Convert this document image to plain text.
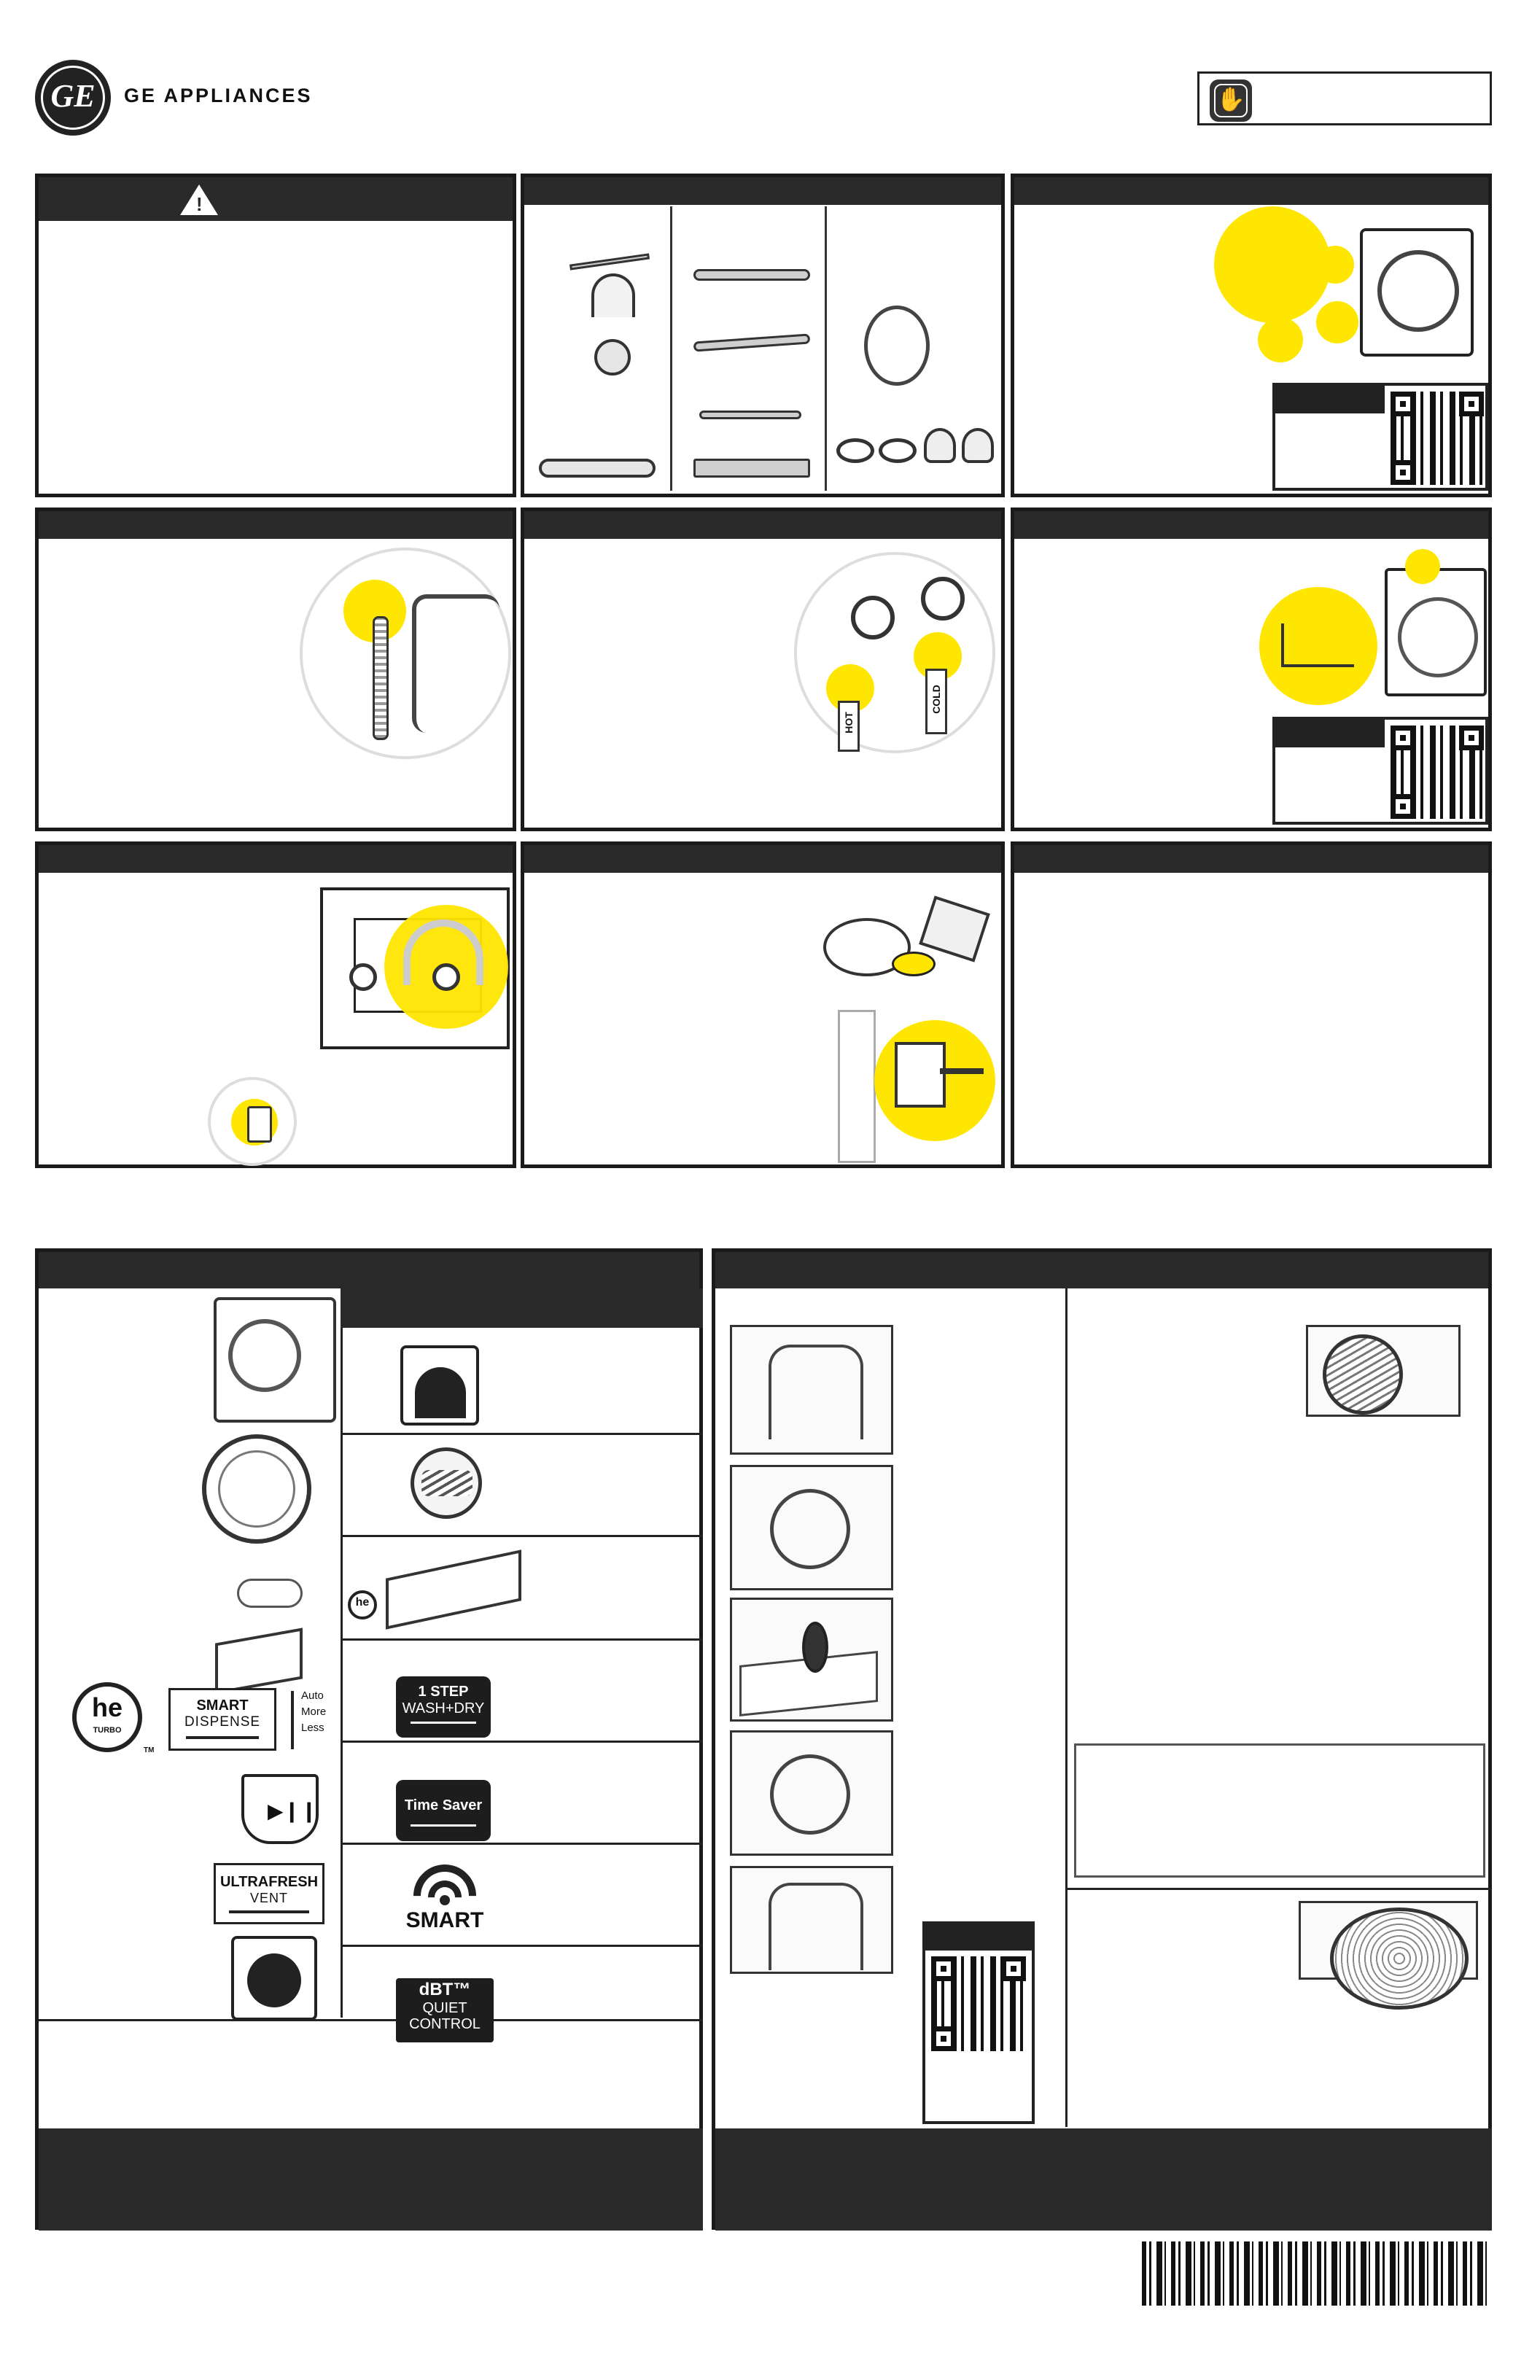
GE	GE APPLIANCES	✋
!
HOT
COLD
he
TURBO
TM
SMART
DISPENSE
Auto
More
Less
▶︎❙❙
ULTRAFRESH
VENT
he
1 STEP
WASH+DRY
Time Saver
SMART
dBT™
QUIET
CONTROL
